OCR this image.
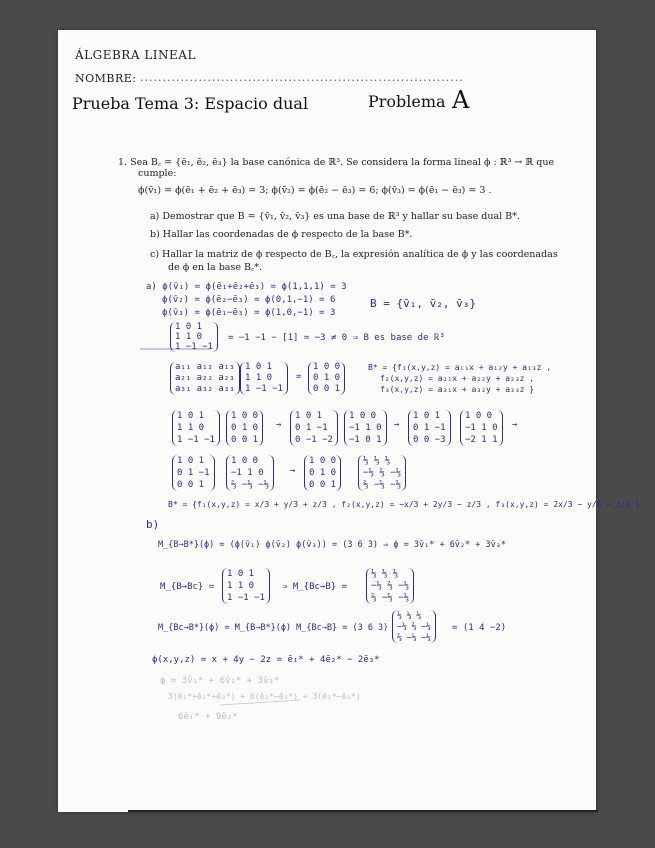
ÁLGEBRA LINEAL

NOMBRE: ........................................................................

Prueba Tema 3: Espacio dual	Problema A

1. Sea B꜀ = {ē₁, ē₂, ē₃} la base canónica de ℝ³. Se considera la forma lineal ϕ : ℝ³ → ℝ que

cumple:

ϕ(v̄₁) = ϕ(ē₁ + ē₂ + ē₃) = 3; ϕ(v̄₂) = ϕ(ē₂ − ē₃) = 6; ϕ(v̄₃) = ϕ(ē₁ − ē₃) = 3 .

a) Demostrar que B = {v̄₁, v̄₂, v̄₃} es una base de ℝ³ y hallar su base dual B*.

b) Hallar las coordenadas de ϕ respecto de la base B*.

c) Hallar la matriz de ϕ respecto de B꜀, la expresión analítica de ϕ y las coordenadas

de ϕ en la base B꜀*.

a) ϕ(v̄₁) = ϕ(ē₁+ē₂+ē₃) = ϕ(1,1,1) = 3

ϕ(v̄₂) = ϕ(ē₂−ē₃) = ϕ(0,1,−1) = 6

ϕ(v̄₃) = ϕ(ē₁−ē₃) = ϕ(1,0,−1) = 3

B = {v̄₁, v̄₂, v̄₃}

1 0 1
1 1 0
1 −1 −1

= −1 −1 − [1] = −3 ≠ 0 ⇒ B es base de ℝ³

a₁₁ a₁₂ a₁₃
a₂₁ a₂₂ a₂₃
a₃₁ a₃₂ a₃₃
1 0 1
1 1 0
1 −1 −1

=

1 0 0
0 1 0
0 0 1

B* = {f₁(x,y,z) = a₁₁x + a₁₂y + a₁₃z ,

f₂(x,y,z) = a₂₁x + a₂₂y + a₂₃z ,

f₃(x,y,z) = a₃₁x + a₃₂y + a₃₃z }

1 0 1
1 1 0
1 −1 −1
1 0 0
0 1 0
0 0 1

→

1 0 1
0 1 −1
0 −1 −2
1 0 0
−1 1 0
−1 0 1

→

1 0 1
0 1 −1
0 0 −3
1 0 0
−1 1 0
−2 1 1

→

1 0 1
0 1 −1
0 0 1
1 0 0
−1 1 0
⅔ −⅓ −⅓

→

1 0 0
0 1 0
0 0 1
⅓ ⅓ ⅓
−⅓ ⅔ −⅓
⅔ −⅓ −⅓

B* = {f₁(x,y,z) = x/3 + y/3 + z/3 , f₂(x,y,z) = −x/3 + 2y/3 − z/3 , f₃(x,y,z) = 2x/3 − y/3 − z/3 }

b)

M_{B→B*}(ϕ) = (ϕ(v̄₁) ϕ(v̄₂) ϕ(v̄₃)) = (3 6 3) ⇒ ϕ = 3v̄₁* + 6v̄₂* + 3v̄₃*

M_{B→Bc} =

1 0 1
1 1 0
1 −1 −1

⇒ M_{Bc→B} =

⅓ ⅓ ⅓
−⅓ ⅔ −⅓
⅔ −⅓ −⅓

M_{Bc→B*}(ϕ) = M_{B→B*}(ϕ) M_{Bc→B} = (3 6 3)

⅓ ⅓ ⅓
−⅓ ⅔ −⅓
⅔ −⅓ −⅓

= (1 4 −2)

ϕ(x,y,z) = x + 4y − 2z = ē₁* + 4ē₂* − 2ē₃*

ϕ = 3v̄₁* + 6v̄₂* + 3v̄₃*

3(ē₁*+ē₂*+ē₃*) + 6(ē₂*−ē₃*) + 3(ē₁*−ē₃*)

6ē₁* + 9ē₂*
